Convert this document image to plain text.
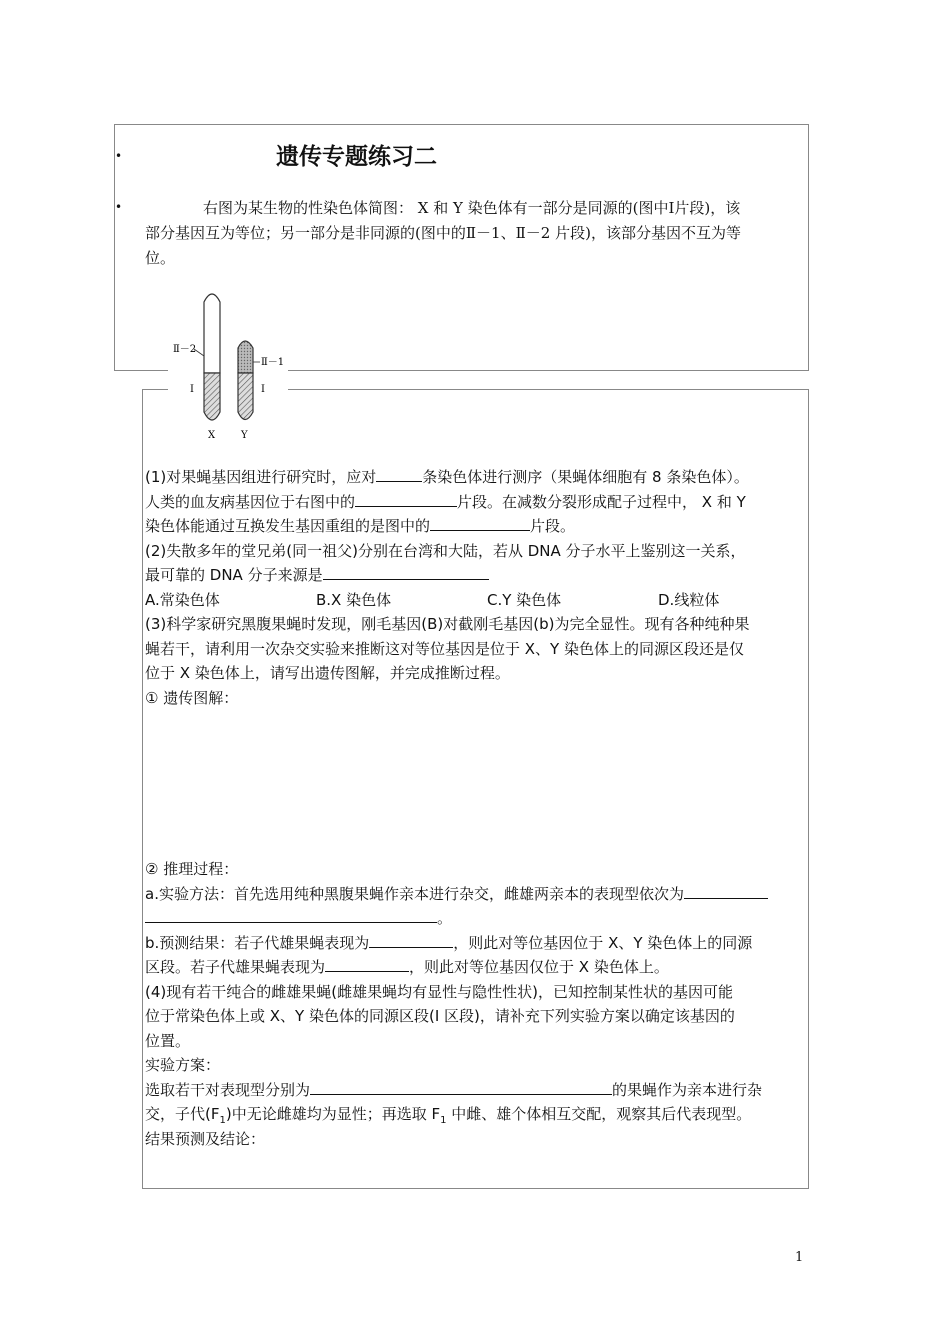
•	遗传专题练习二
•	右图为某生物的性染色体简图： X 和 Y 染色体有一部分是同源的(图中Ⅰ片段)，该
部分基因互为等位；另一部分是非同源的(图中的Ⅱ－1、Ⅱ－2 片段)，该部分基因不互为等
位。
Ⅱ－2
Ⅱ－1
Ⅰ	Ⅰ
X	Y

(1)对果蝇基因组进行研究时，应对	条染色体进行测序（果蝇体细胞有 8 条染色体）。

人类的血友病基因位于右图中的	片段。在减数分裂形成配子过程中， X 和 Y

染色体能通过互换发生基因重组的是图中的	片段。

(2)失散多年的堂兄弟(同一祖父)分别在台湾和大陆，若从 DNA 分子水平上鉴别这一关系，

最可靠的 DNA 分子来源是

A.常染色体	B.X 染色体	C.Y 染色体	D.线粒体

(3)科学家研究黑腹果蝇时发现，刚毛基因(B)对截刚毛基因(b)为完全显性。现有各种纯种果

蝇若干，请利用一次杂交实验来推断这对等位基因是位于 X、Y 染色体上的同源区段还是仅

位于 X 染色体上，请写出遗传图解，并完成推断过程。

① 遗传图解：

② 推理过程：

a.实验方法：首先选用纯种黑腹果蝇作亲本进行杂交，雌雄两亲本的表现型依次为

。

b.预测结果：若子代雄果蝇表现为	，则此对等位基因位于 X、Y 染色体上的同源

区段。若子代雄果蝇表现为	，则此对等位基因仅位于 X 染色体上。

(4)现有若干纯合的雌雄果蝇(雌雄果蝇均有显性与隐性性状)，已知控制某性状的基因可能

位于常染色体上或 X、Y 染色体的同源区段(Ⅰ 区段)，请补充下列实验方案以确定该基因的

位置。

实验方案：

选取若干对表现型分别为	的果蝇作为亲本进行杂

交，子代$(F_1)$中无论雌雄均为显性；再选取 $F_1$ 中雌、雄个体相互交配，观察其后代表现型。

结果预测及结论：

1
